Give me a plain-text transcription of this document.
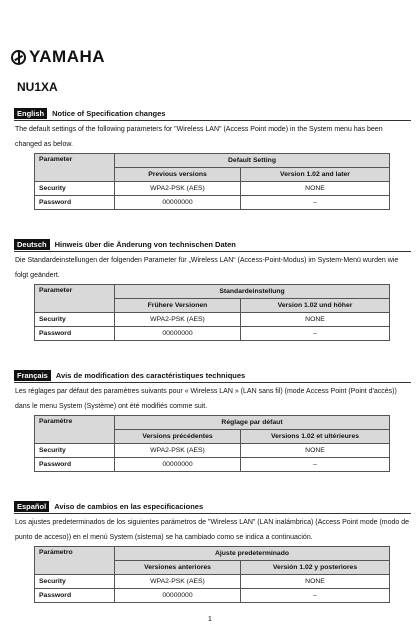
YAMAHA
NU1XA
English	Notice of Specification changes

The default settings of the following parameters for "Wireless LAN" (Access Point mode) in the System menu has been changed as below.

Parameter	Default Setting	
	Previous versions	Version 1.02 and later
Security	WPA2-PSK (AES)	NONE
Password	00000000	–
Deutsch	Hinweis über die Änderung von technischen Daten

Die Standardeinstellungen der folgenden Parameter für „Wireless LAN“ (Access-Point-Modus) im System-Menü wurden wie folgt geändert.

Parameter	Standardeinstellung	
	Frühere Versionen	Version 1.02 und höher
Security	WPA2-PSK (AES)	NONE
Password	00000000	–
Français	Avis de modification des caractéristiques techniques

Les réglages par défaut des paramètres suivants pour « Wireless LAN » (LAN sans fil) (mode Access Point (Point d'accès)) dans le menu System (Système) ont été modifiés comme suit.

Paramètre	Réglage par défaut	
	Versions précédentes	Versions 1.02 et ultérieures
Security	WPA2-PSK (AES)	NONE
Password	00000000	–
Español	Aviso de cambios en las especificaciones

Los ajustes predeterminados de los siguientes parámetros de "Wireless LAN" (LAN inalámbrica) (Access Point mode (modo de punto de acceso)) en el menú System (sistema) se ha cambiado como se indica a continuación.

Parámetro	Ajuste predeterminado	
	Versiones anteriores	Versión 1.02 y posteriores
Security	WPA2-PSK (AES)	NONE
Password	00000000	–
1
